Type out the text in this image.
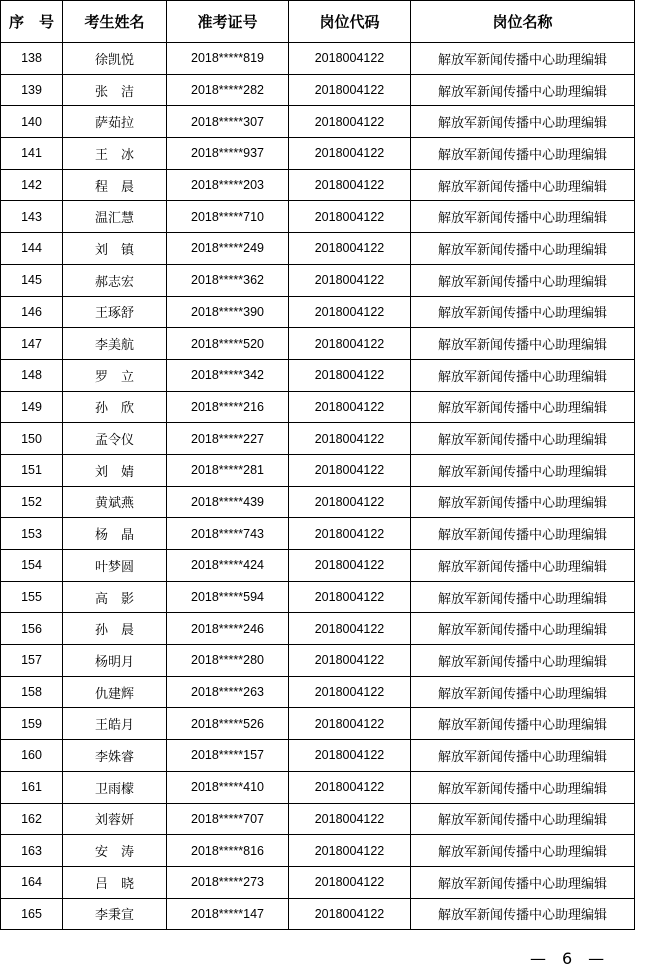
序　号	考生姓名	准考证号	岗位代码	岗位名称
138	徐凯悦	2018*****819	2018004122	解放军新闻传播中心助理编辑
139	张　洁	2018*****282	2018004122	解放军新闻传播中心助理编辑
140	萨茹拉	2018*****307	2018004122	解放军新闻传播中心助理编辑
141	王　冰	2018*****937	2018004122	解放军新闻传播中心助理编辑
142	程　晨	2018*****203	2018004122	解放军新闻传播中心助理编辑
143	温汇慧	2018*****710	2018004122	解放军新闻传播中心助理编辑
144	刘　镇	2018*****249	2018004122	解放军新闻传播中心助理编辑
145	郝志宏	2018*****362	2018004122	解放军新闻传播中心助理编辑
146	王琢舒	2018*****390	2018004122	解放军新闻传播中心助理编辑
147	李美航	2018*****520	2018004122	解放军新闻传播中心助理编辑
148	罗　立	2018*****342	2018004122	解放军新闻传播中心助理编辑
149	孙　欣	2018*****216	2018004122	解放军新闻传播中心助理编辑
150	孟令仪	2018*****227	2018004122	解放军新闻传播中心助理编辑
151	刘　婧	2018*****281	2018004122	解放军新闻传播中心助理编辑
152	黄斌燕	2018*****439	2018004122	解放军新闻传播中心助理编辑
153	杨　晶	2018*****743	2018004122	解放军新闻传播中心助理编辑
154	叶梦圆	2018*****424	2018004122	解放军新闻传播中心助理编辑
155	高　影	2018*****594	2018004122	解放军新闻传播中心助理编辑
156	孙　晨	2018*****246	2018004122	解放军新闻传播中心助理编辑
157	杨明月	2018*****280	2018004122	解放军新闻传播中心助理编辑
158	仇建辉	2018*****263	2018004122	解放军新闻传播中心助理编辑
159	王皓月	2018*****526	2018004122	解放军新闻传播中心助理编辑
160	李姝睿	2018*****157	2018004122	解放军新闻传播中心助理编辑
161	卫雨檬	2018*****410	2018004122	解放军新闻传播中心助理编辑
162	刘蓉妍	2018*****707	2018004122	解放军新闻传播中心助理编辑
163	安　涛	2018*****816	2018004122	解放军新闻传播中心助理编辑
164	吕　晓	2018*****273	2018004122	解放军新闻传播中心助理编辑
165	李秉宣	2018*****147	2018004122	解放军新闻传播中心助理编辑
—　6　—
